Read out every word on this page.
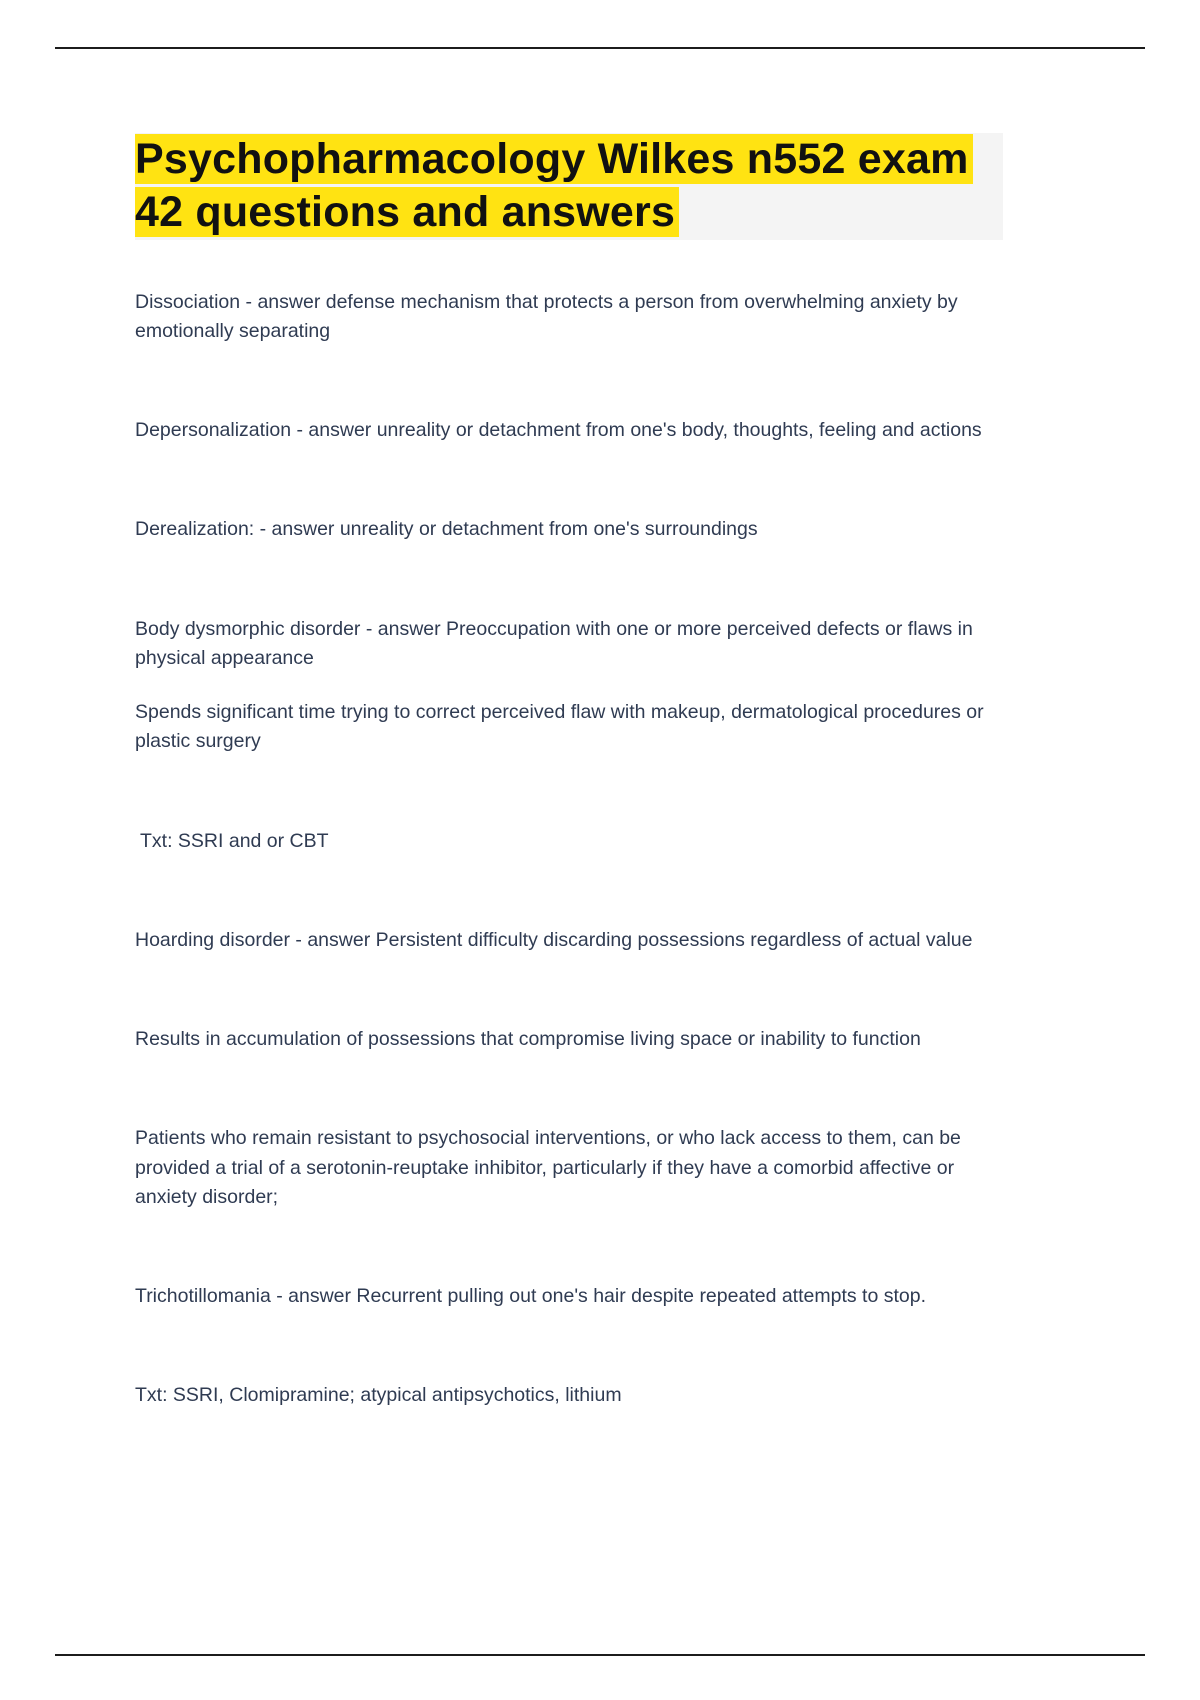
Psychopharmacology Wilkes n552 exam
42 questions and answers

Dissociation - answer defense mechanism that protects a person from overwhelming anxiety by emotionally separating

Depersonalization - answer unreality or detachment from one's body, thoughts, feeling and actions

Derealization: - answer unreality or detachment from one's surroundings

Body dysmorphic disorder - answer Preoccupation with one or more perceived defects or flaws in physical appearance

Spends significant time trying to correct perceived flaw with makeup, dermatological procedures or plastic surgery

Txt: SSRI and or CBT

Hoarding disorder - answer Persistent difficulty discarding possessions regardless of actual value

Results in accumulation of possessions that compromise living space or inability to function

Patients who remain resistant to psychosocial interventions, or who lack access to them, can be provided a trial of a serotonin-reuptake inhibitor, particularly if they have a comorbid affective or anxiety disorder;

Trichotillomania - answer Recurrent pulling out one's hair despite repeated attempts to stop.

Txt: SSRI, Clomipramine; atypical antipsychotics, lithium
